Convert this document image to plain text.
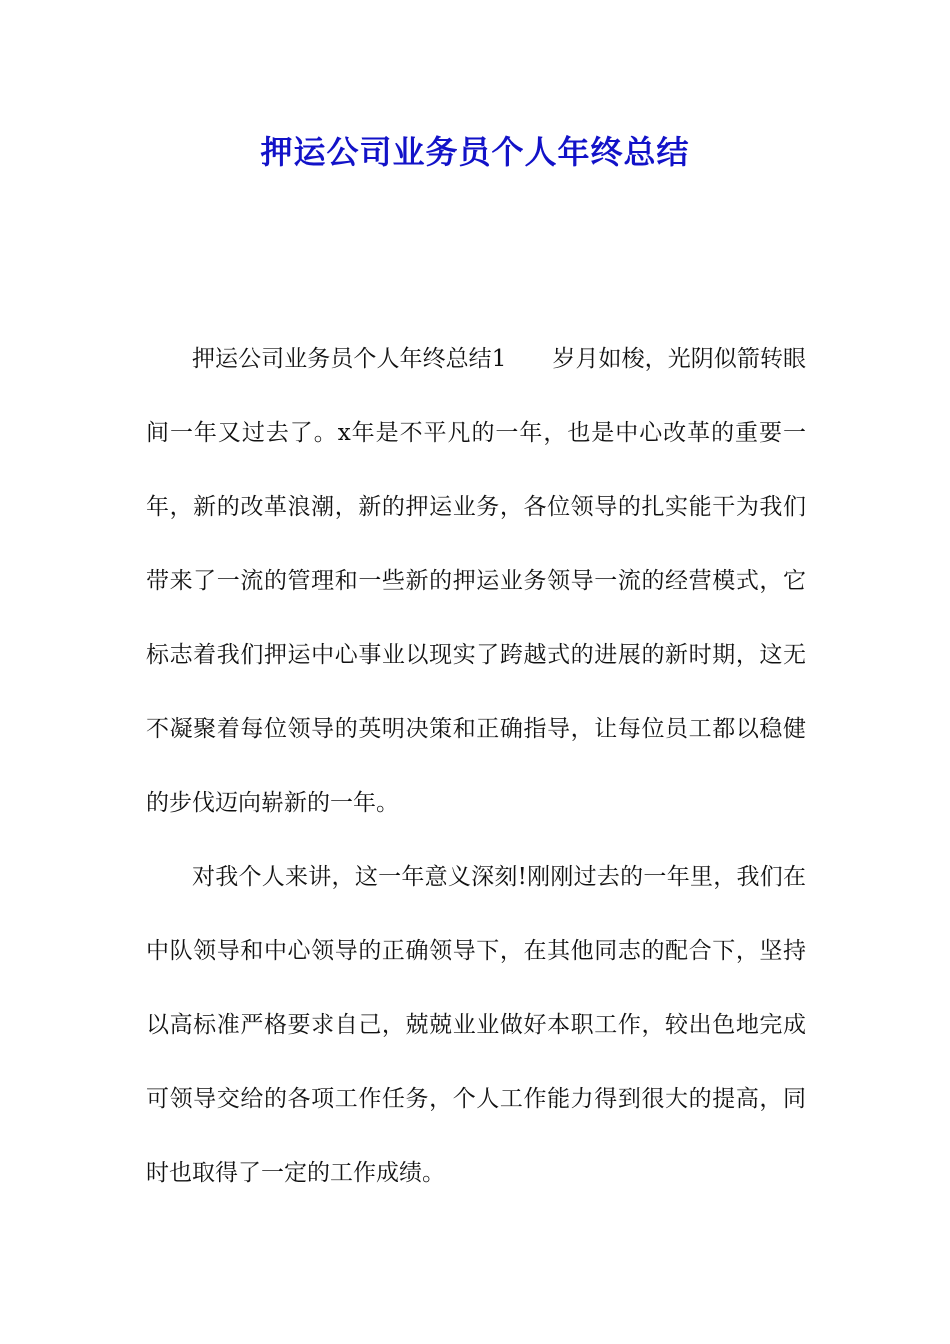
押运公司业务员个人年终总结

押运公司业务员个人年终总结1 岁月如梭，光阴似箭转眼间一年又过去了。x年是不平凡的一年，也是中心改革的重要一年，新的改革浪潮，新的押运业务，各位领导的扎实能干为我们带来了一流的管理和一些新的押运业务领导一流的经营模式，它标志着我们押运中心事业以现实了跨越式的进展的新时期，这无不凝聚着每位领导的英明决策和正确指导，让每位员工都以稳健的步伐迈向崭新的一年。

对我个人来讲，这一年意义深刻!刚刚过去的一年里，我们在中队领导和中心领导的正确领导下，在其他同志的配合下，坚持以高标准严格要求自己，兢兢业业做好本职工作，较出色地完成可领导交给的各项工作任务，个人工作能力得到很大的提高，同时也取得了一定的工作成绩。
